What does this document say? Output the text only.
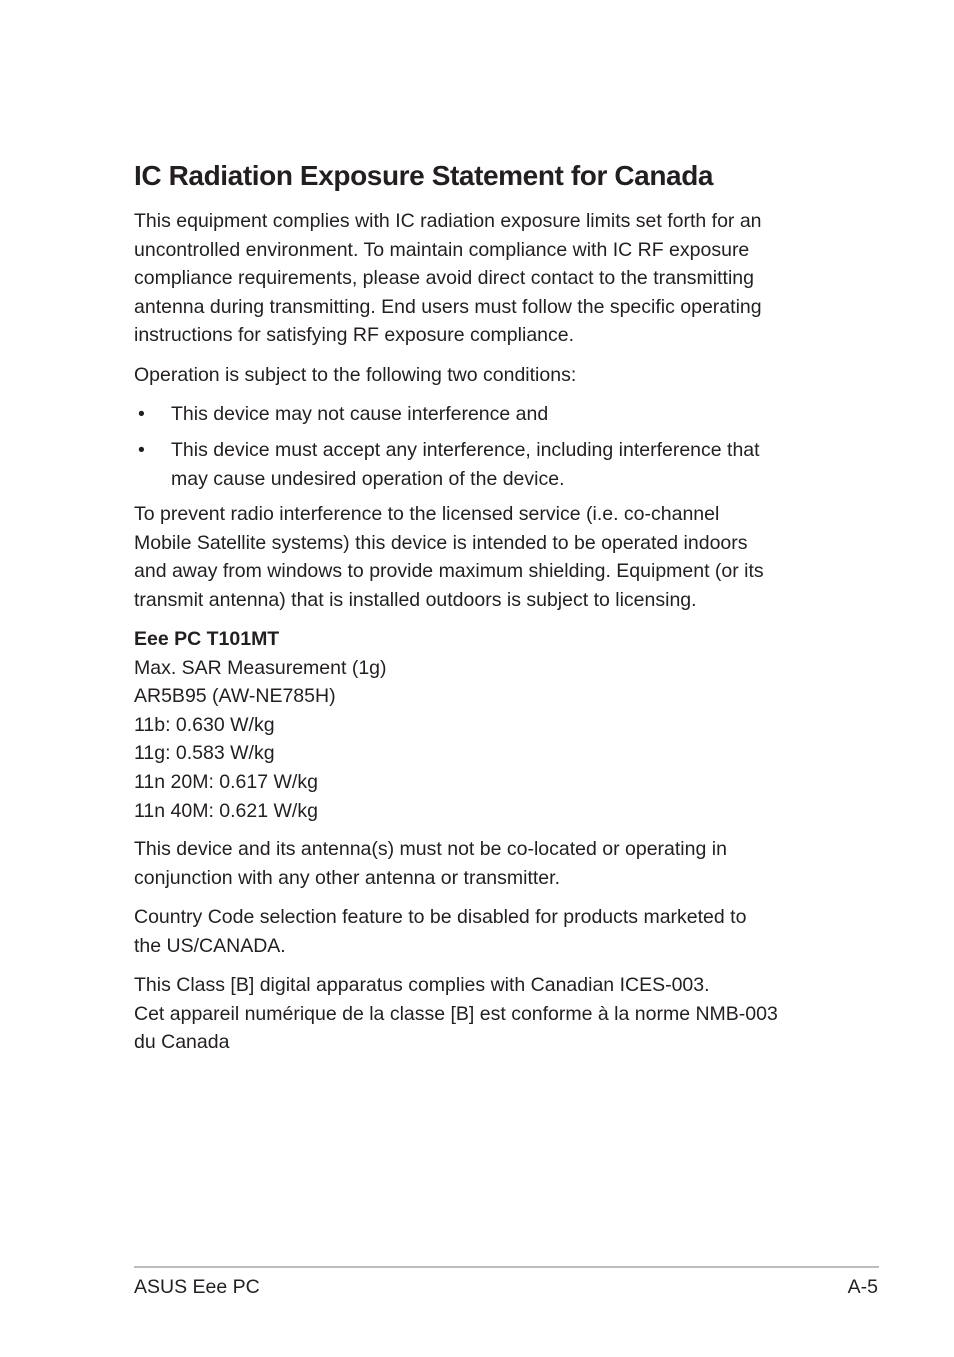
IC Radiation Exposure Statement for Canada
This equipment complies with IC radiation exposure limits set forth for an
uncontrolled environment. To maintain compliance with IC RF exposure
compliance requirements, please avoid direct contact to the transmitting
antenna during transmitting. End users must follow the specific operating
instructions for satisfying RF exposure compliance.
Operation is subject to the following two conditions:
• This device may not cause interference and
• This device must accept any interference, including interference that
may cause undesired operation of the device.
To prevent radio interference to the licensed service (i.e. co-channel
Mobile Satellite systems) this device is intended to be operated indoors
and away from windows to provide maximum shielding. Equipment (or its
transmit antenna) that is installed outdoors is subject to licensing.
Eee PC T101MT
Max. SAR Measurement (1g)
AR5B95 (AW-NE785H)
11b: 0.630 W/kg
11g: 0.583 W/kg
11n 20M: 0.617 W/kg
11n 40M: 0.621 W/kg
This device and its antenna(s) must not be co-located or operating in
conjunction with any other antenna or transmitter.
Country Code selection feature to be disabled for products marketed to
the US/CANADA.
This Class [B] digital apparatus complies with Canadian ICES-003.
Cet appareil numérique de la classe [B] est conforme à la norme NMB-003
du Canada
ASUS Eee PC	A-5
